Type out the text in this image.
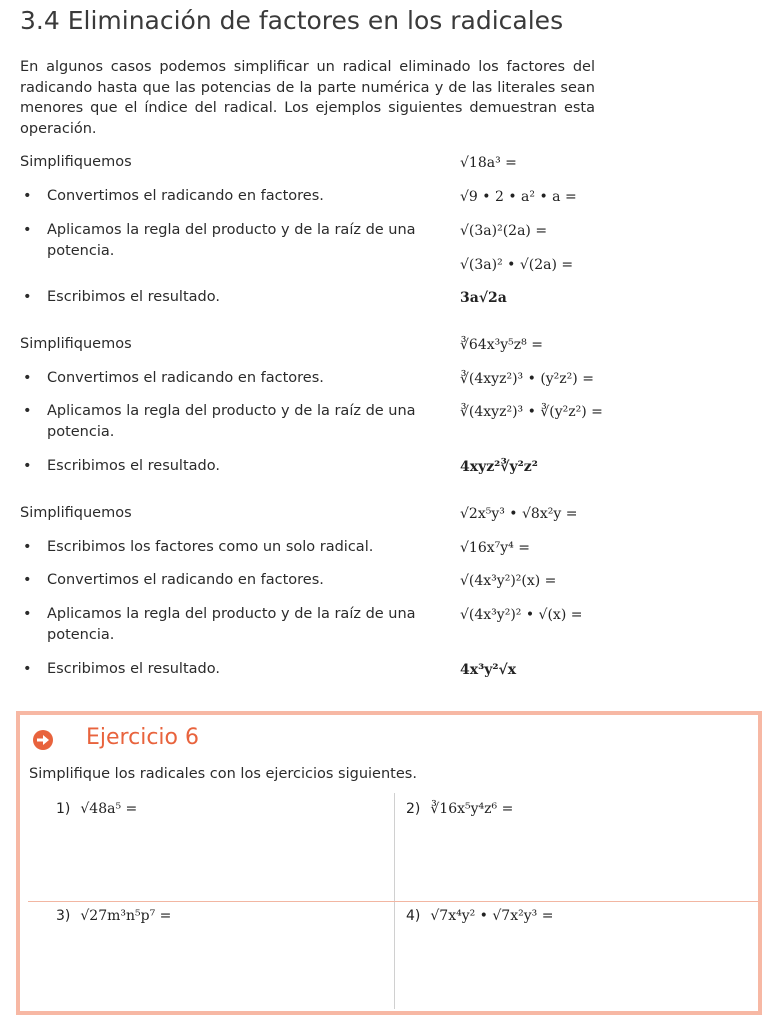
3.4 Eliminación de factores en los radicales

En algunos casos podemos simplificar un radical eliminado los factores del radicando hasta que las potencias de la parte numérica y de las literales sean menores que el índice del radical. Los ejemplos siguientes demuestran esta operación.

Simplifiquemos	√18a³ =
• Convertimos el radicando en factores.	√9 • 2 • a² • a =
• Aplicamos la regla del producto y de la raíz de una potencia.
√(3a)²(2a) =
√(3a)² • √(2a) =
• Escribimos el resultado.	3a√2a
Simplifiquemos	∛64x³y⁵z⁸ =
• Convertimos el radicando en factores.	∛(4xyz²)³ • (y²z²) =
• Aplicamos la regla del producto y de la raíz de una potencia.
∛(4xyz²)³ • ∛(y²z²) =
• Escribimos el resultado.	4xyz²∛y²z²
Simplifiquemos	√2x⁵y³ • √8x²y =
• Escribimos los factores como un solo radical.	√16x⁷y⁴ =
• Convertimos el radicando en factores.	√(4x³y²)²(x) =
• Aplicamos la regla del producto y de la raíz de una potencia.
√(4x³y²)² • √(x) =
• Escribimos el resultado.	4x³y²√x
Ejercicio 6
Simplifique los radicales con los ejercicios siguientes.
1) √48a⁵ =	2) ∛16x⁵y⁴z⁶ =
3) √27m³n⁵p⁷ =	4) √7x⁴y² • √7x²y³ =
